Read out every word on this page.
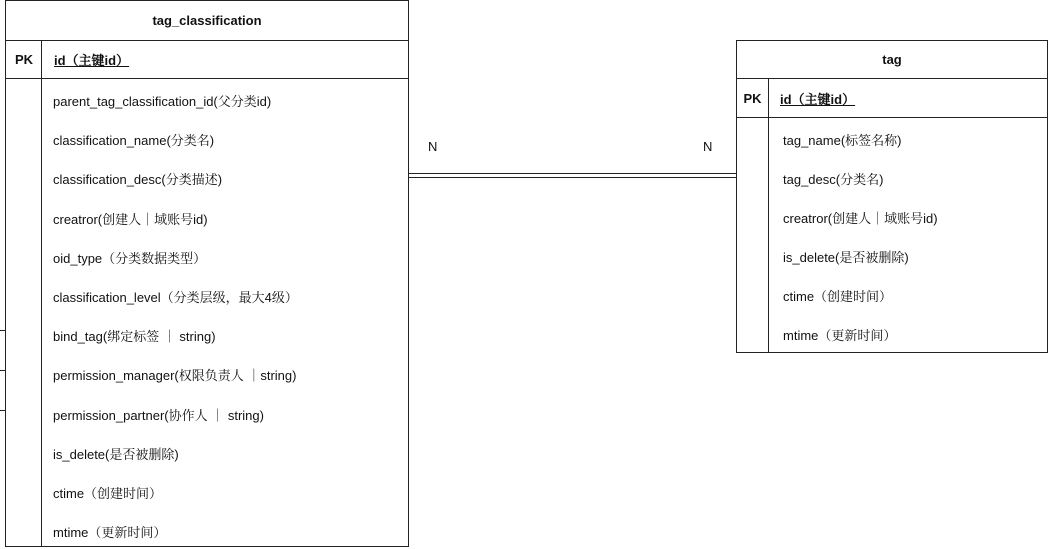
tag_classification
PK	id（主键id）
parent_tag_classification_id(父分类id)
classification_name(分类名)
classification_desc(分类描述)
creatror(创建人｜域账号id)
oid_type（分类数据类型）
classification_level（分类层级，最大4级）
bind_tag(绑定标签 ｜ string)
permission_manager(权限负责人 ｜string)
permission_partner(协作人 ｜ string)
is_delete(是否被删除)
ctime（创建时间）
mtime（更新时间）
tag
PK	id（主键id）
tag_name(标签名称)
tag_desc(分类名)
creatror(创建人｜域账号id)
is_delete(是否被删除)
ctime（创建时间）
mtime（更新时间）
N	N
